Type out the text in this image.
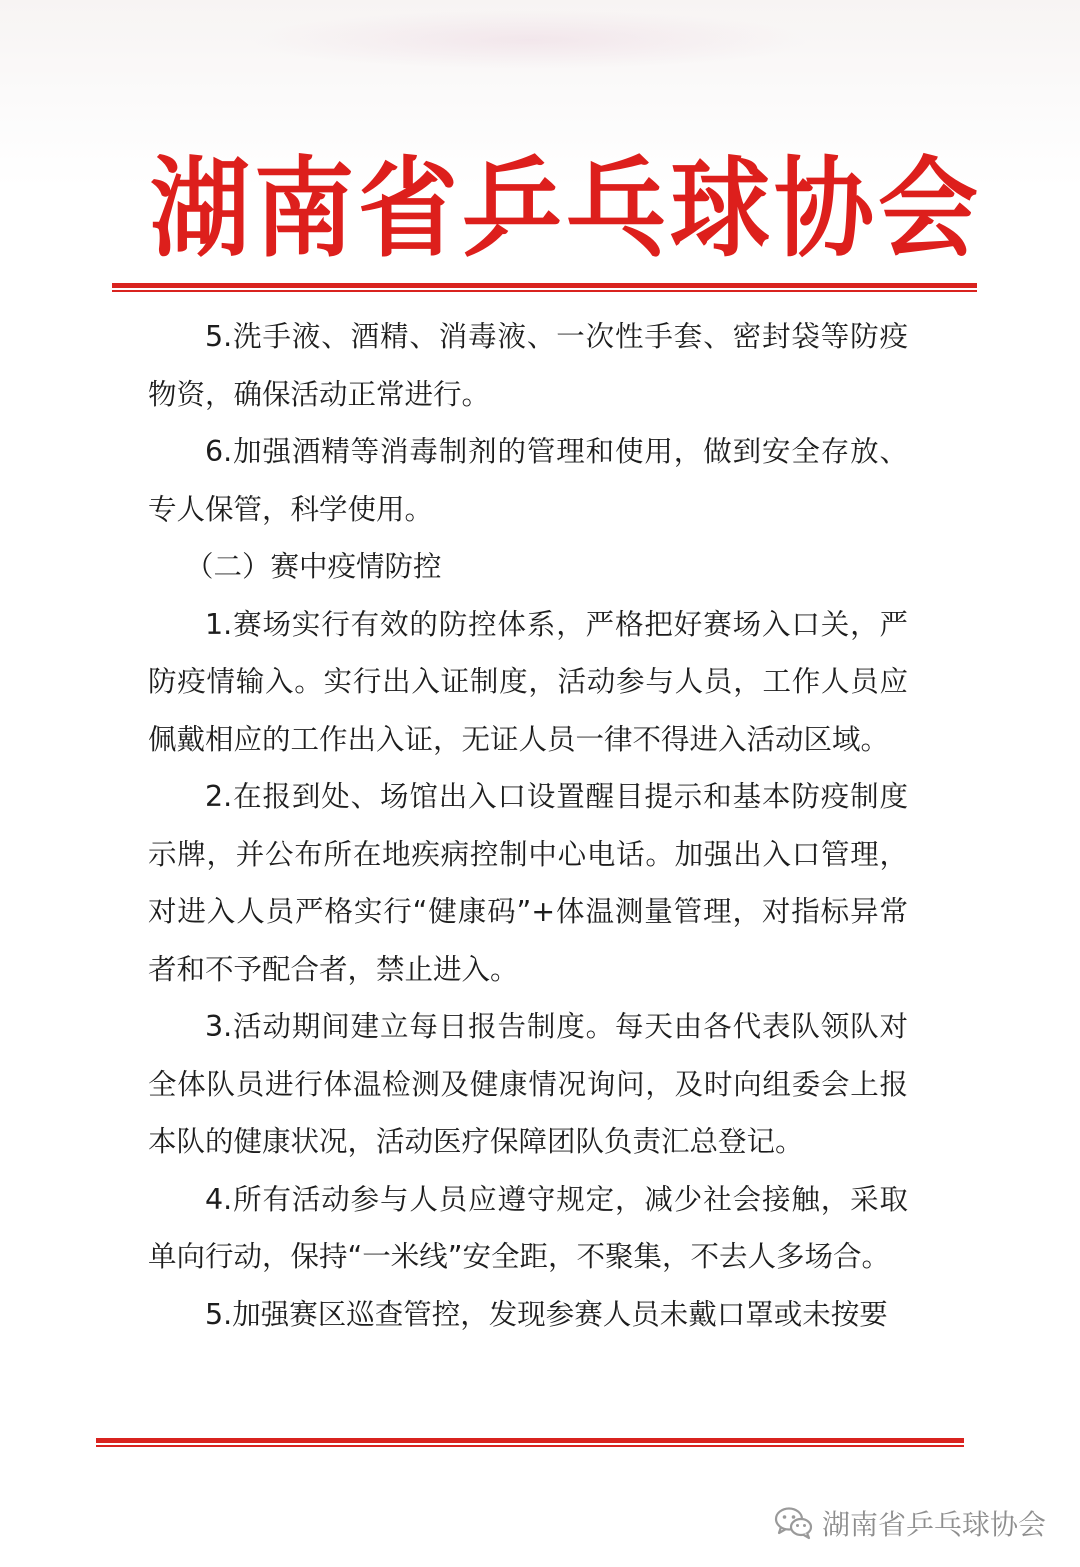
湖南省乒乓球协会

5.洗手液、酒精、消毒液、一次性手套、密封袋等防疫物资，确保活动正常进行。

6.加强酒精等消毒制剂的管理和使用，做到安全存放、专人保管，科学使用。

（二）赛中疫情防控

1.赛场实行有效的防控体系，严格把好赛场入口关，严防疫情输入。实行出入证制度，活动参与人员，工作人员应佩戴相应的工作出入证，无证人员一律不得进入活动区域。

2.在报到处、场馆出入口设置醒目提示和基本防疫制度示牌，并公布所在地疾病控制中心电话。加强出入口管理，对进入人员严格实行“健康码”+体温测量管理，对指标异常者和不予配合者，禁止进入。

3.活动期间建立每日报告制度。每天由各代表队领队对全体队员进行体温检测及健康情况询问，及时向组委会上报本队的健康状况，活动医疗保障团队负责汇总登记。

4.所有活动参与人员应遵守规定，减少社会接触，采取单向行动，保持“一米线”安全距，不聚集，不去人多场合。

5.加强赛区巡查管控，发现参赛人员未戴口罩或未按要

湖南省乒乓球协会
